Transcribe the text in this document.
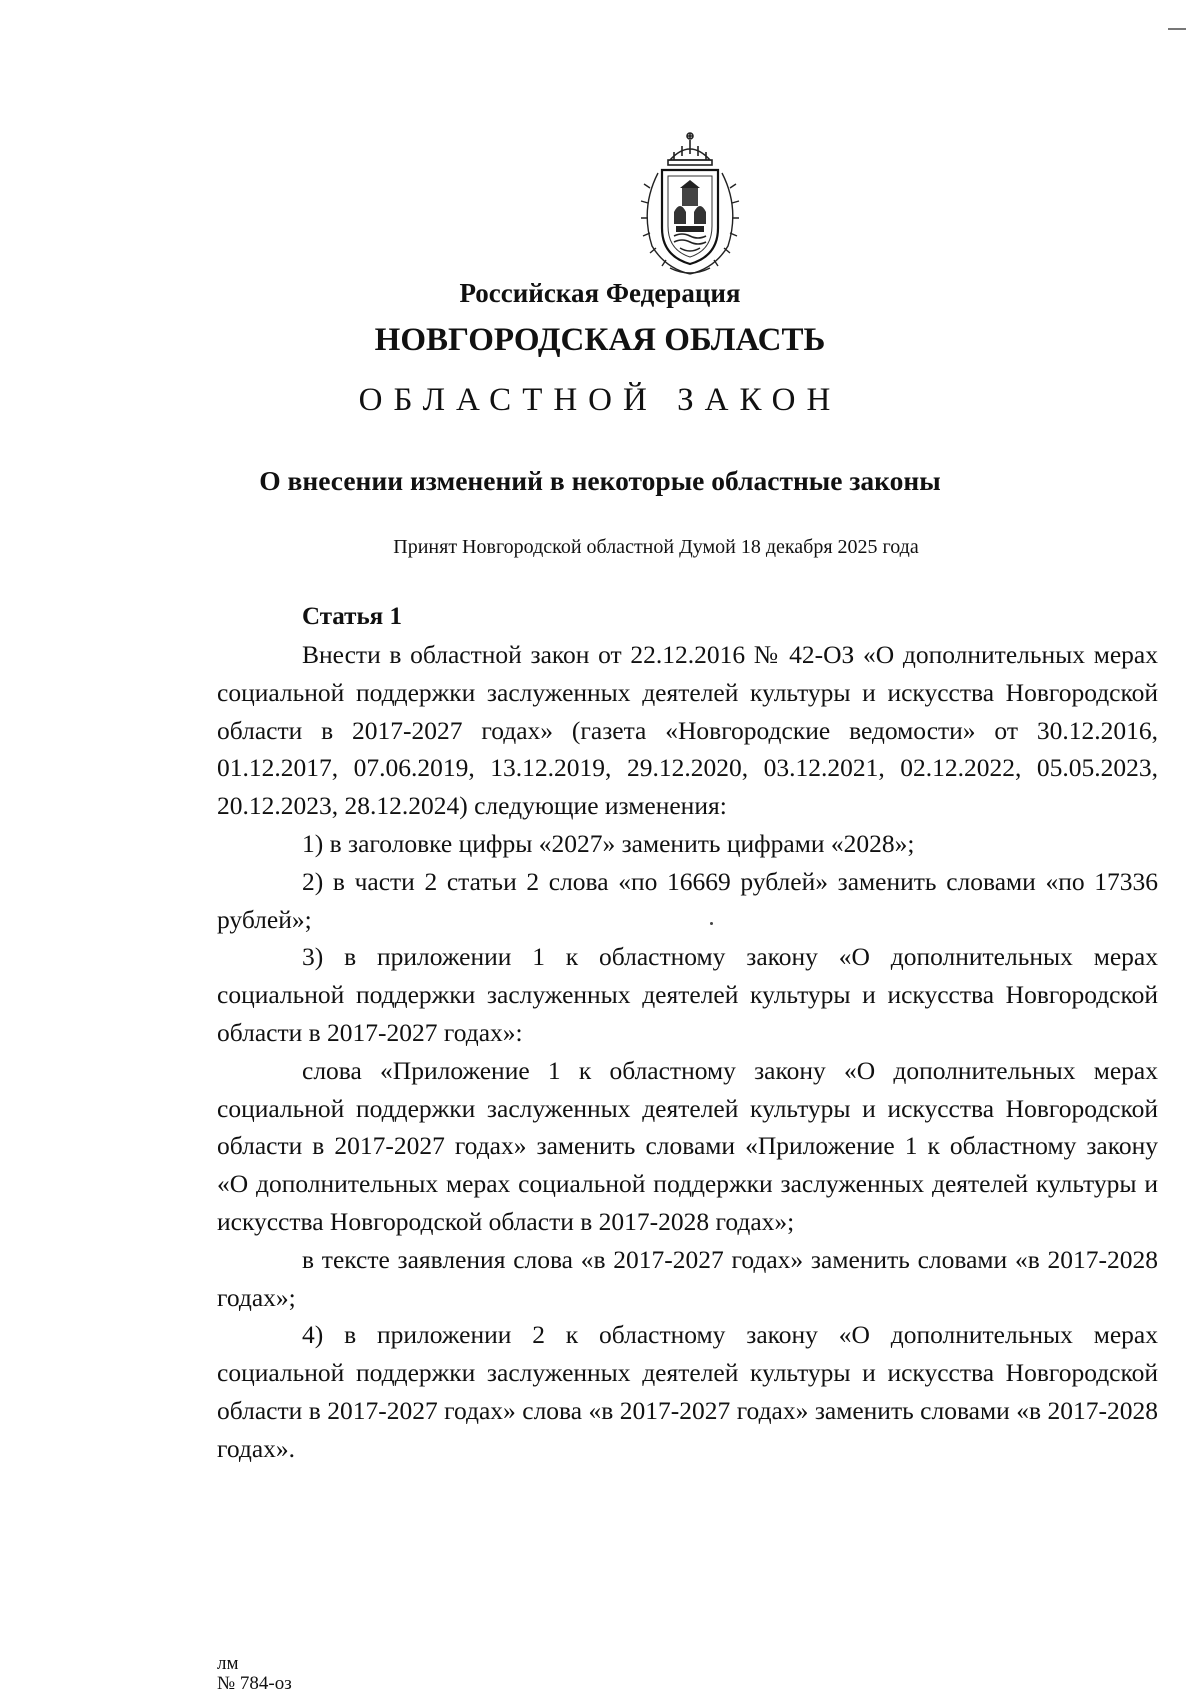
Российская Федерация
НОВГОРОДСКАЯ ОБЛАСТЬ
ОБЛАСТНОЙ ЗАКОН
О внесении изменений в некоторые областные законы
Принят Новгородской областной Думой 18 декабря 2025 года
Статья 1

Внести в областной закон от 22.12.2016 № 42-ОЗ «О дополнительных мерах социальной поддержки заслуженных деятелей культуры и искусства Новгородской области в 2017-2027 годах» (газета «Новгородские ведомости» от 30.12.2016, 01.12.2017, 07.06.2019, 13.12.2019, 29.12.2020, 03.12.2021, 02.12.2022, 05.05.2023, 20.12.2023, 28.12.2024) следующие изменения:

1) в заголовке цифры «2027» заменить цифрами «2028»;

2) в части 2 статьи 2 слова «по 16669 рублей» заменить словами «по 17336 рублей»;

3) в приложении 1 к областному закону «О дополнительных мерах социальной поддержки заслуженных деятелей культуры и искусства Новгородской области в 2017-2027 годах»:

слова «Приложение 1 к областному закону «О дополнительных мерах социальной поддержки заслуженных деятелей культуры и искусства Новгородской области в 2017-2027 годах» заменить словами «Приложение 1 к областному закону «О дополнительных мерах социальной поддержки заслуженных деятелей культуры и искусства Новгородской области в 2017-2028 годах»;

в тексте заявления слова «в 2017-2027 годах» заменить словами «в 2017-2028 годах»;

4) в приложении 2 к областному закону «О дополнительных мерах социальной поддержки заслуженных деятелей культуры и искусства Новгородской области в 2017-2027 годах» слова «в 2017-2027 годах» заменить словами «в 2017-2028 годах».

лм
№ 784-оз
